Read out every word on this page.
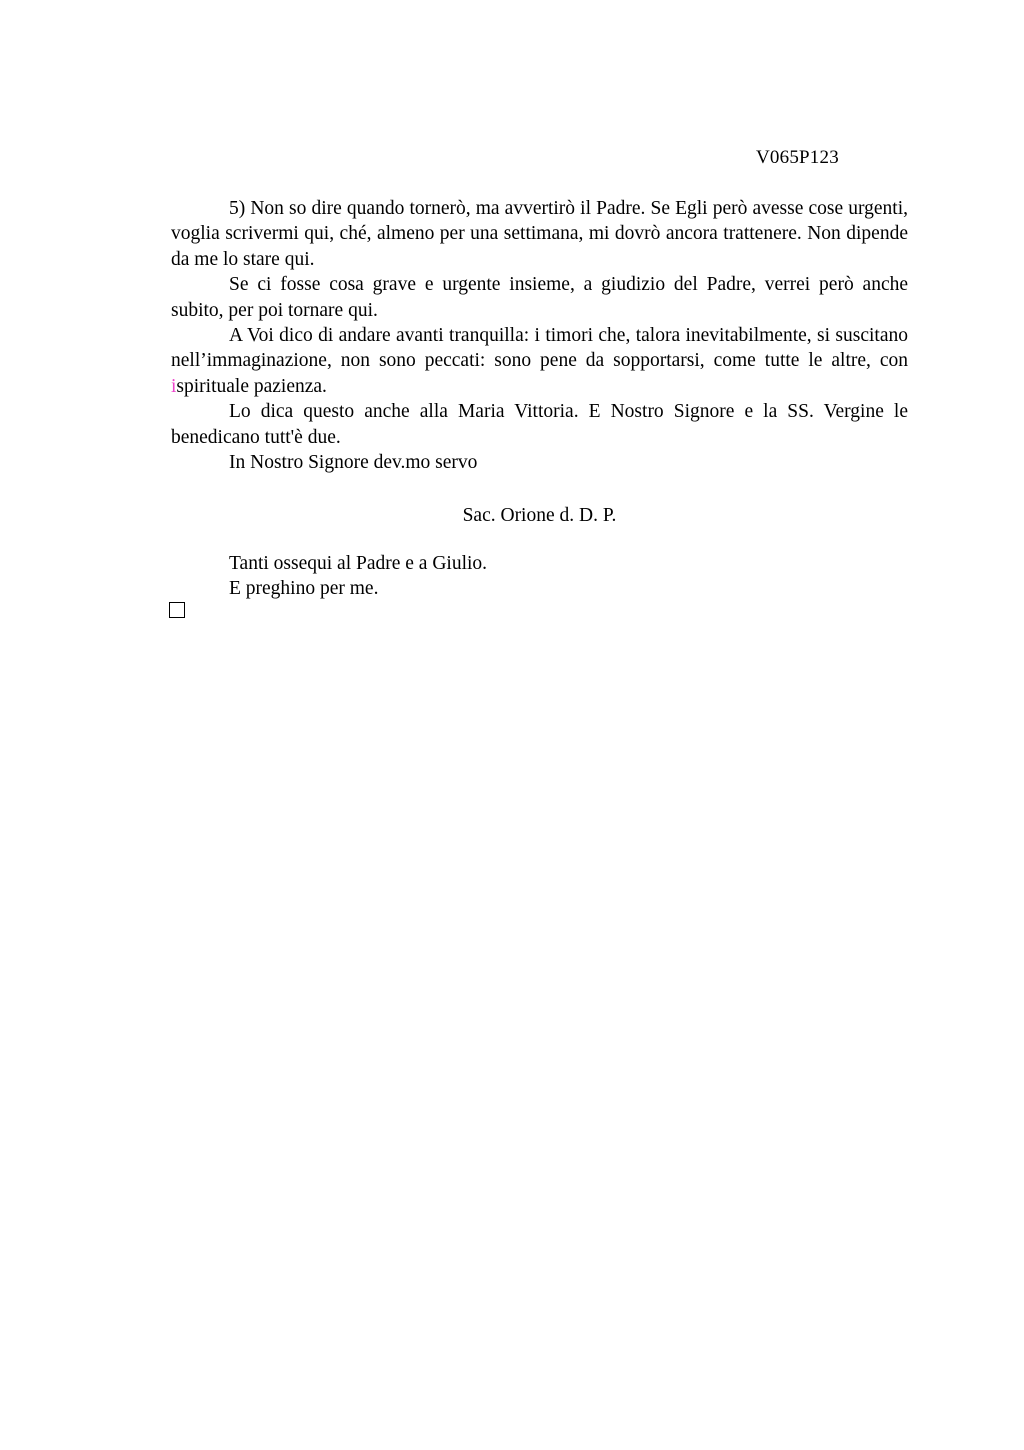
V065P123

5) Non so dire quando tornerò, ma avvertirò il Padre. Se Egli però avesse cose urgenti, voglia scrivermi qui, ché, almeno per una settimana, mi dovrò ancora trattenere. Non dipende da me lo stare qui.

Se ci fosse cosa grave e urgente insieme, a giudizio del Padre, verrei però anche subito, per poi tornare qui.

A Voi dico di andare avanti tranquilla: i timori che, talora inevitabilmente, si suscitano nell’immaginazione, non sono peccati: sono pene da sopportarsi, come tutte le altre, con ispirituale pazienza.

Lo dica questo anche alla Maria Vittoria. E Nostro Signore e la SS. Vergine le benedicano tutt'è due.

In Nostro Signore dev.mo servo

Sac. Orione d. D. P.

Tanti ossequi al Padre e a Giulio.

E preghino per me.
